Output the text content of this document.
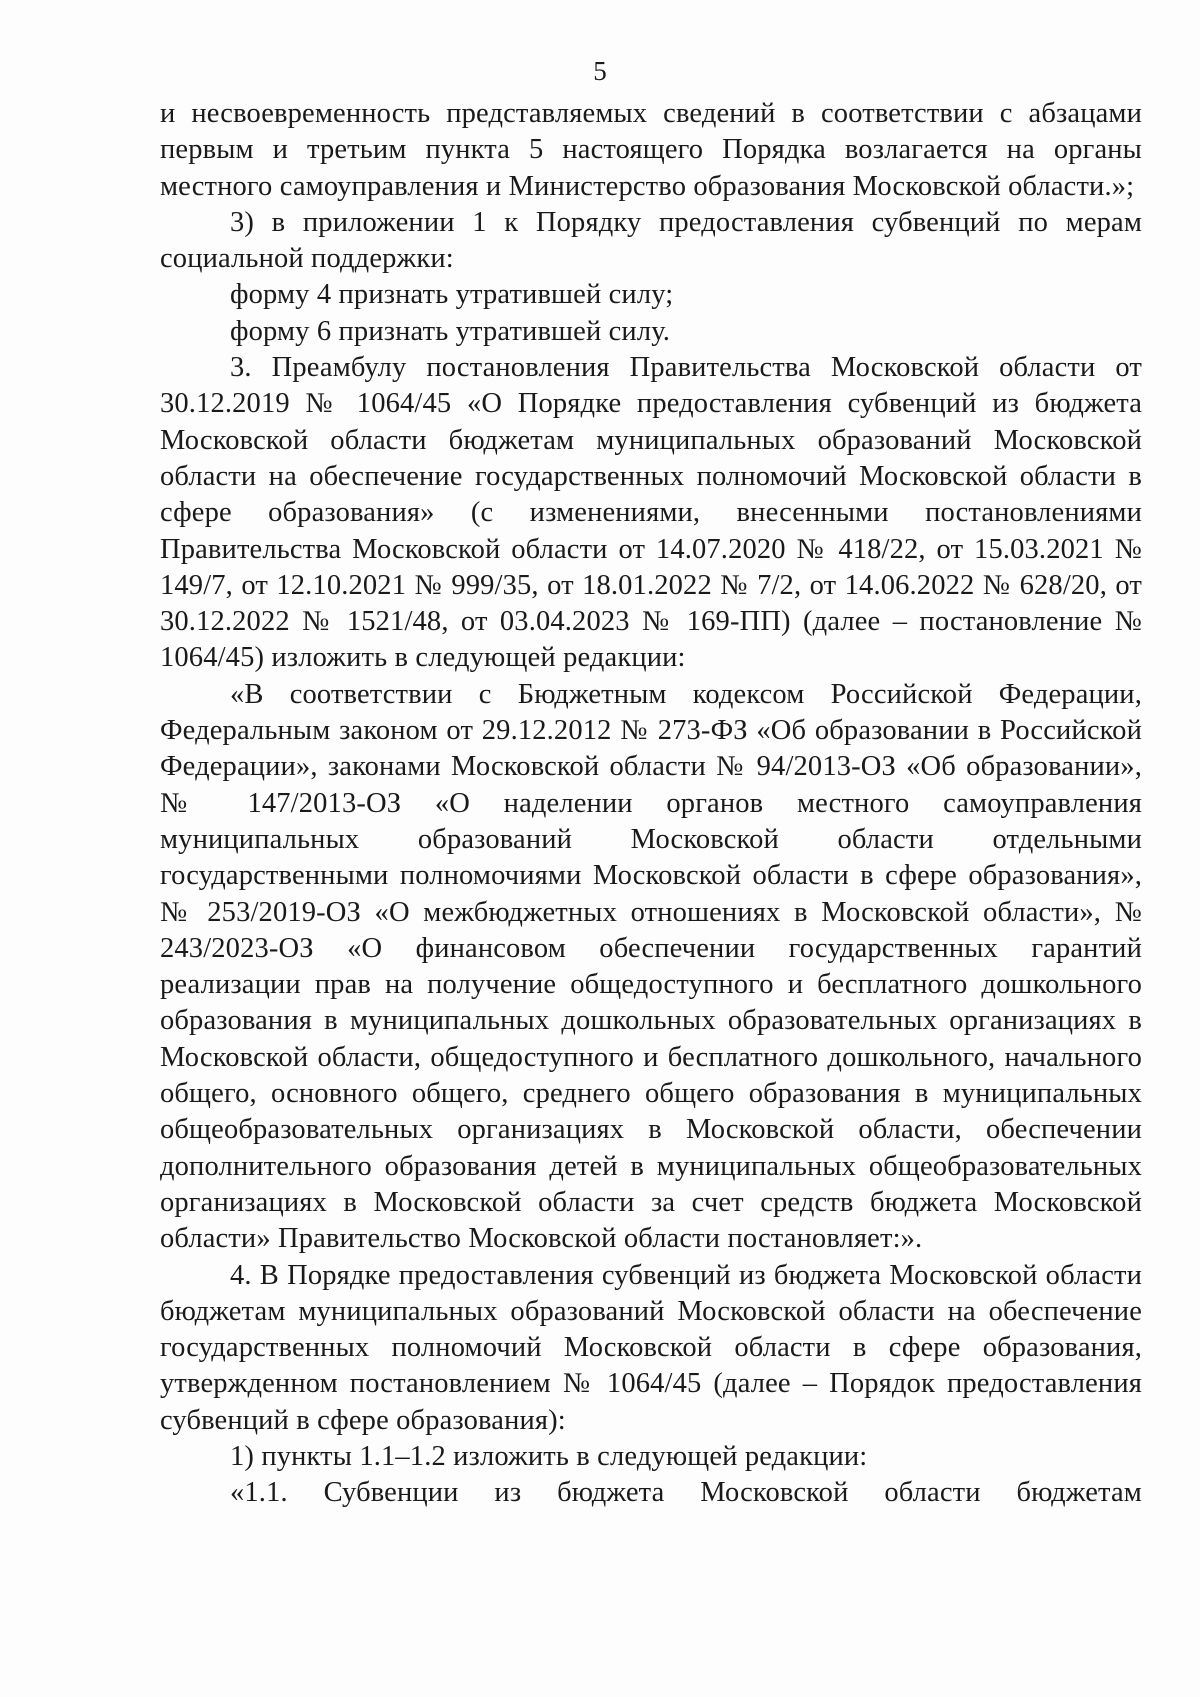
5

и несвоевременность представляемых сведений в соответствии с абзацами первым и третьим пункта 5 настоящего Порядка возлагается на органы местного самоуправления и Министерство образования Московской области.»;

3) в приложении 1 к Порядку предоставления субвенций по мерам социальной поддержки:

форму 4 признать утратившей силу;

форму 6 признать утратившей силу.

3. Преамбулу постановления Правительства Московской области от 30.12.2019 № 1064/45 «О Порядке предоставления субвенций из бюджета Московской области бюджетам муниципальных образований Московской области на обеспечение государственных полномочий Московской области в сфере образования» (с изменениями, внесенными постановлениями Правительства Московской области от 14.07.2020 № 418/22, от 15.03.2021 № 149/7, от 12.10.2021 № 999/35, от 18.01.2022 № 7/2, от 14.06.2022 № 628/20, от 30.12.2022 № 1521/48, от 03.04.2023 № 169-ПП) (далее – постановление № 1064/45) изложить в следующей редакции:

«В соответствии с Бюджетным кодексом Российской Федерации, Федеральным законом от 29.12.2012 № 273-ФЗ «Об образовании в Российской Федерации», законами Московской области № 94/2013-ОЗ «Об образовании», № 147/2013-ОЗ «О наделении органов местного самоуправления муниципальных образований Московской области отдельными государственными полномочиями Московской области в сфере образования», № 253/2019-ОЗ «О межбюджетных отношениях в Московской области», № 243/2023-ОЗ «О финансовом обеспечении государственных гарантий реализации прав на получение общедоступного и бесплатного дошкольного образования в муниципальных дошкольных образовательных организациях в Московской области, общедоступного и бесплатного дошкольного, начального общего, основного общего, среднего общего образования в муниципальных общеобразовательных организациях в Московской области, обеспечении дополнительного образования детей в муниципальных общеобразовательных организациях в Московской области за счет средств бюджета Московской области» Правительство Московской области постановляет:».

4. В Порядке предоставления субвенций из бюджета Московской области бюджетам муниципальных образований Московской области на обеспечение государственных полномочий Московской области в сфере образования, утвержденном постановлением № 1064/45 (далее – Порядок предоставления субвенций в сфере образования):

1) пункты 1.1–1.2 изложить в следующей редакции:

«1.1. Субвенции из бюджета Московской области бюджетам
